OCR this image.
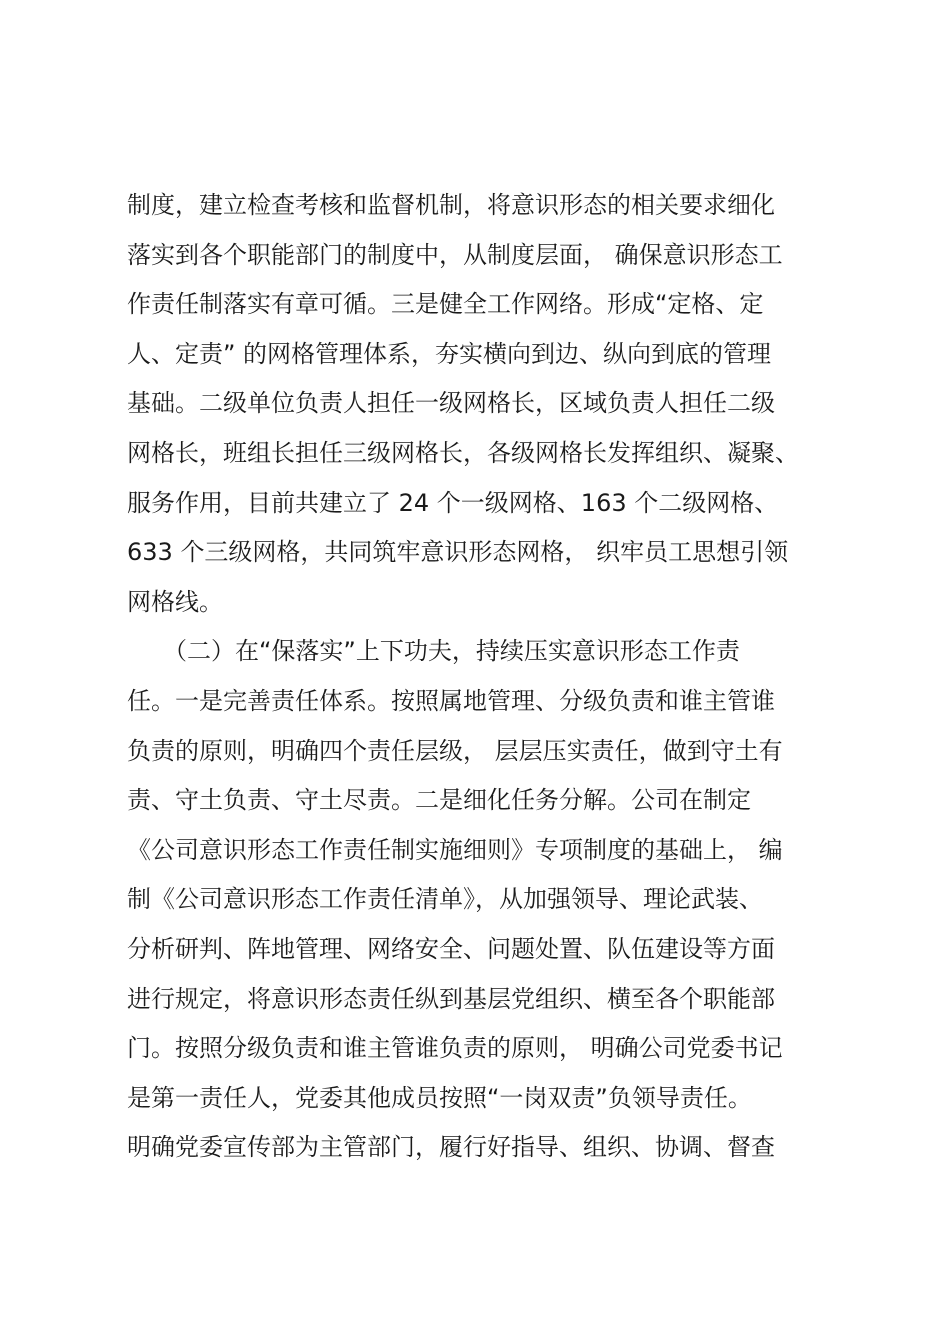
制度，建立检查考核和监督机制，将意识形态的相关要求细化
落实到各个职能部门的制度中，从制度层面， 确保意识形态工
作责任制落实有章可循。三是健全工作网络。形成“定格、定
人、定责” 的网格管理体系，夯实横向到边、纵向到底的管理
基础。二级单位负责人担任一级网格长，区域负责人担任二级
网格长，班组长担任三级网格长，各级网格长发挥组织、凝聚、
服务作用，目前共建立了 24 个一级网格、163 个二级网格、
633 个三级网格，共同筑牢意识形态网格， 织牢员工思想引领
网格线。
　　（二）在“保落实”上下功夫，持续压实意识形态工作责
任。一是完善责任体系。按照属地管理、分级负责和谁主管谁
负责的原则，明确四个责任层级， 层层压实责任，做到守土有
责、守土负责、守土尽责。二是细化任务分解。公司在制定
《公司意识形态工作责任制实施细则》专项制度的基础上， 编
制《公司意识形态工作责任清单》，从加强领导、理论武装、
分析研判、阵地管理、网络安全、问题处置、队伍建设等方面
进行规定，将意识形态责任纵到基层党组织、横至各个职能部
门。按照分级负责和谁主管谁负责的原则， 明确公司党委书记
是第一责任人，党委其他成员按照“一岗双责”负领导责任。
明确党委宣传部为主管部门，履行好指导、组织、协调、督查
